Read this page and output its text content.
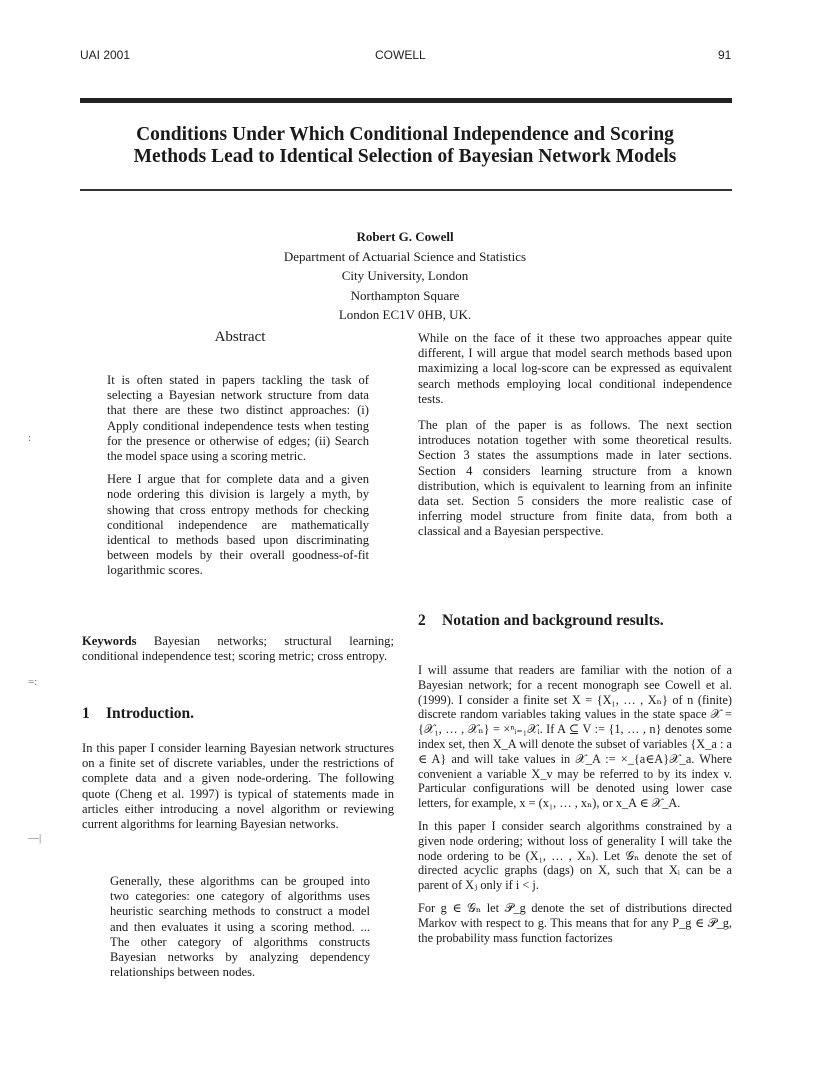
UAI 2001	COWELL	91
Conditions Under Which Conditional Independence and Scoring
Methods Lead to Identical Selection of Bayesian Network Models
Robert G. Cowell
Department of Actuarial Science and Statistics
City University, London
Northampton Square
London EC1V 0HB, UK.
Abstract

It is often stated in papers tackling the task of selecting a Bayesian network structure from data that there are these two distinct approaches: (i) Apply conditional independence tests when testing for the presence or otherwise of edges; (ii) Search the model space using a scoring metric.

Here I argue that for complete data and a given node ordering this division is largely a myth, by showing that cross entropy methods for checking conditional independence are mathematically identical to methods based upon discriminating between models by their overall goodness-of-fit logarithmic scores.

Keywords Bayesian networks; structural learning; conditional independence test; scoring metric; cross entropy.
1 Introduction.

In this paper I consider learning Bayesian network structures on a finite set of discrete variables, under the restrictions of complete data and a given node-ordering. The following quote (Cheng et al. 1997) is typical of statements made in articles either introducing a novel algorithm or reviewing current algorithms for learning Bayesian networks.

Generally, these algorithms can be grouped into two categories: one category of algorithms uses heuristic searching methods to construct a model and then evaluates it using a scoring method. ... The other category of algorithms constructs Bayesian networks by analyzing dependency relationships between nodes.

While on the face of it these two approaches appear quite different, I will argue that model search methods based upon maximizing a local log-score can be expressed as equivalent search methods employing local conditional independence tests.

The plan of the paper is as follows. The next section introduces notation together with some theoretical results. Section 3 states the assumptions made in later sections. Section 4 considers learning structure from a known distribution, which is equivalent to learning from an infinite data set. Section 5 considers the more realistic case of inferring model structure from finite data, from both a classical and a Bayesian perspective.

2 Notation and background results.

I will assume that readers are familiar with the notion of a Bayesian network; for a recent monograph see Cowell et al. (1999). I consider a finite set X = {X₁, … , Xₙ} of n (finite) discrete random variables taking values in the state space 𝒳 = {𝒳₁, … , 𝒳ₙ} = ×ⁿᵢ₌₁𝒳ᵢ. If A ⊆ V := {1, … , n} denotes some index set, then X_A will denote the subset of variables {X_a : a ∈ A} and will take values in 𝒳_A := ×_{a∈A}𝒳_a. Where convenient a variable X_v may be referred to by its index v. Particular configurations will be denoted using lower case letters, for example, x = (x₁, … , xₙ), or x_A ∈ 𝒳_A.

In this paper I consider search algorithms constrained by a given node ordering; without loss of generality I will take the node ordering to be (X₁, … , Xₙ). Let 𝒢ₙ denote the set of directed acyclic graphs (dags) on X, such that Xᵢ can be a parent of Xⱼ only if i < j.

For g ∈ 𝒢ₙ let 𝒫_g denote the set of distributions directed Markov with respect to g. This means that for any P_g ∈ 𝒫_g, the probability mass function factorizes

:
=:
—|
